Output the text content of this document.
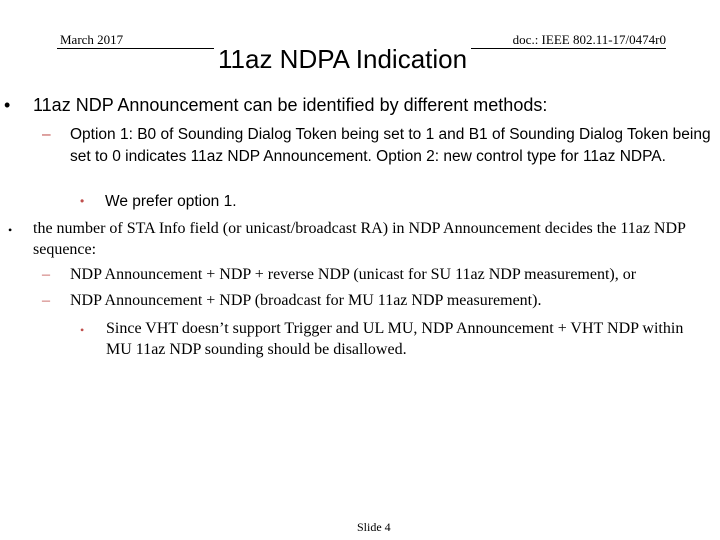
March 2017	doc.: IEEE 802.11-17/0474r0
11az NDPA Indication
• 11az NDP Announcement can be identified by different methods:
– Option 1: B0 of Sounding Dialog Token being set to 1 and B1 of Sounding Dialog Token being set to 0 indicates 11az NDP Announcement. Option 2: new control type for 11az NDPA.
• We prefer option 1.
• the number of STA Info field (or unicast/broadcast RA) in NDP Announcement decides the 11az NDP sequence:
– NDP Announcement + NDP + reverse NDP (unicast for SU 11az NDP measurement), or
– NDP Announcement + NDP (broadcast for MU 11az NDP measurement).
• Since VHT doesn’t support Trigger and UL MU, NDP Announcement + VHT NDP within MU 11az NDP sounding should be disallowed.
Slide 4
